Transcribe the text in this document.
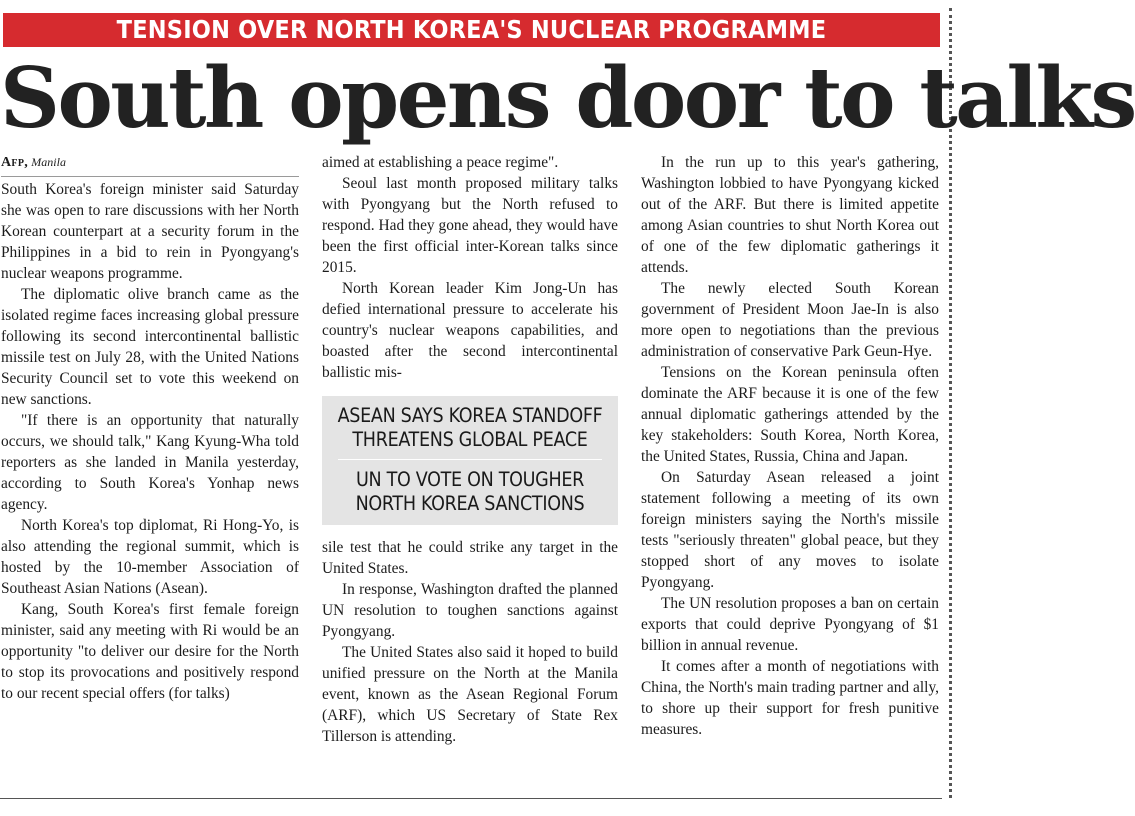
TENSION OVER NORTH KOREA'S NUCLEAR PROGRAMME
South opens door to talks
Afp, Manila

South Korea's foreign minister said Saturday she was open to rare discussions with her North Korean counterpart at a security forum in the Philippines in a bid to rein in Pyongyang's nuclear weapons programme.

The diplomatic olive branch came as the isolated regime faces increasing global pressure following its second intercontinental ballistic missile test on July 28, with the United Nations Security Council set to vote this weekend on new sanctions.

"If there is an opportunity that naturally occurs, we should talk," Kang Kyung-Wha told reporters as she landed in Manila yesterday, according to South Korea's Yonhap news agency.

North Korea's top diplomat, Ri Hong-Yo, is also attending the regional summit, which is hosted by the 10-member Association of Southeast Asian Nations (Asean).

Kang, South Korea's first female foreign minister, said any meeting with Ri would be an opportunity "to deliver our desire for the North to stop its provocations and positively respond to our recent special offers (for talks)

aimed at establishing a peace regime".

Seoul last month proposed military talks with Pyongyang but the North refused to respond. Had they gone ahead, they would have been the first official inter-Korean talks since 2015.

North Korean leader Kim Jong-Un has defied international pressure to accelerate his country's nuclear weapons capabilities, and boasted after the second intercontinental ballistic mis-

ASEAN SAYS KOREA STANDOFF THREATENS GLOBAL PEACE
UN TO VOTE ON TOUGHER NORTH KOREA SANCTIONS

sile test that he could strike any target in the United States.

In response, Washington drafted the planned UN resolution to toughen sanctions against Pyongyang.

The United States also said it hoped to build unified pressure on the North at the Manila event, known as the Asean Regional Forum (ARF), which US Secretary of State Rex Tillerson is attending.

In the run up to this year's gathering, Washington lobbied to have Pyongyang kicked out of the ARF. But there is limited appetite among Asian countries to shut North Korea out of one of the few diplomatic gatherings it attends.

The newly elected South Korean government of President Moon Jae-In is also more open to negotiations than the previous administration of conservative Park Geun-Hye.

Tensions on the Korean peninsula often dominate the ARF because it is one of the few annual diplomatic gatherings attended by the key stakeholders: South Korea, North Korea, the United States, Russia, China and Japan.

On Saturday Asean released a joint statement following a meeting of its own foreign ministers saying the North's missile tests "seriously threaten" global peace, but they stopped short of any moves to isolate Pyongyang.

The UN resolution proposes a ban on certain exports that could deprive Pyongyang of $1 billion in annual revenue.

It comes after a month of negotiations with China, the North's main trading partner and ally, to shore up their support for fresh punitive measures.
